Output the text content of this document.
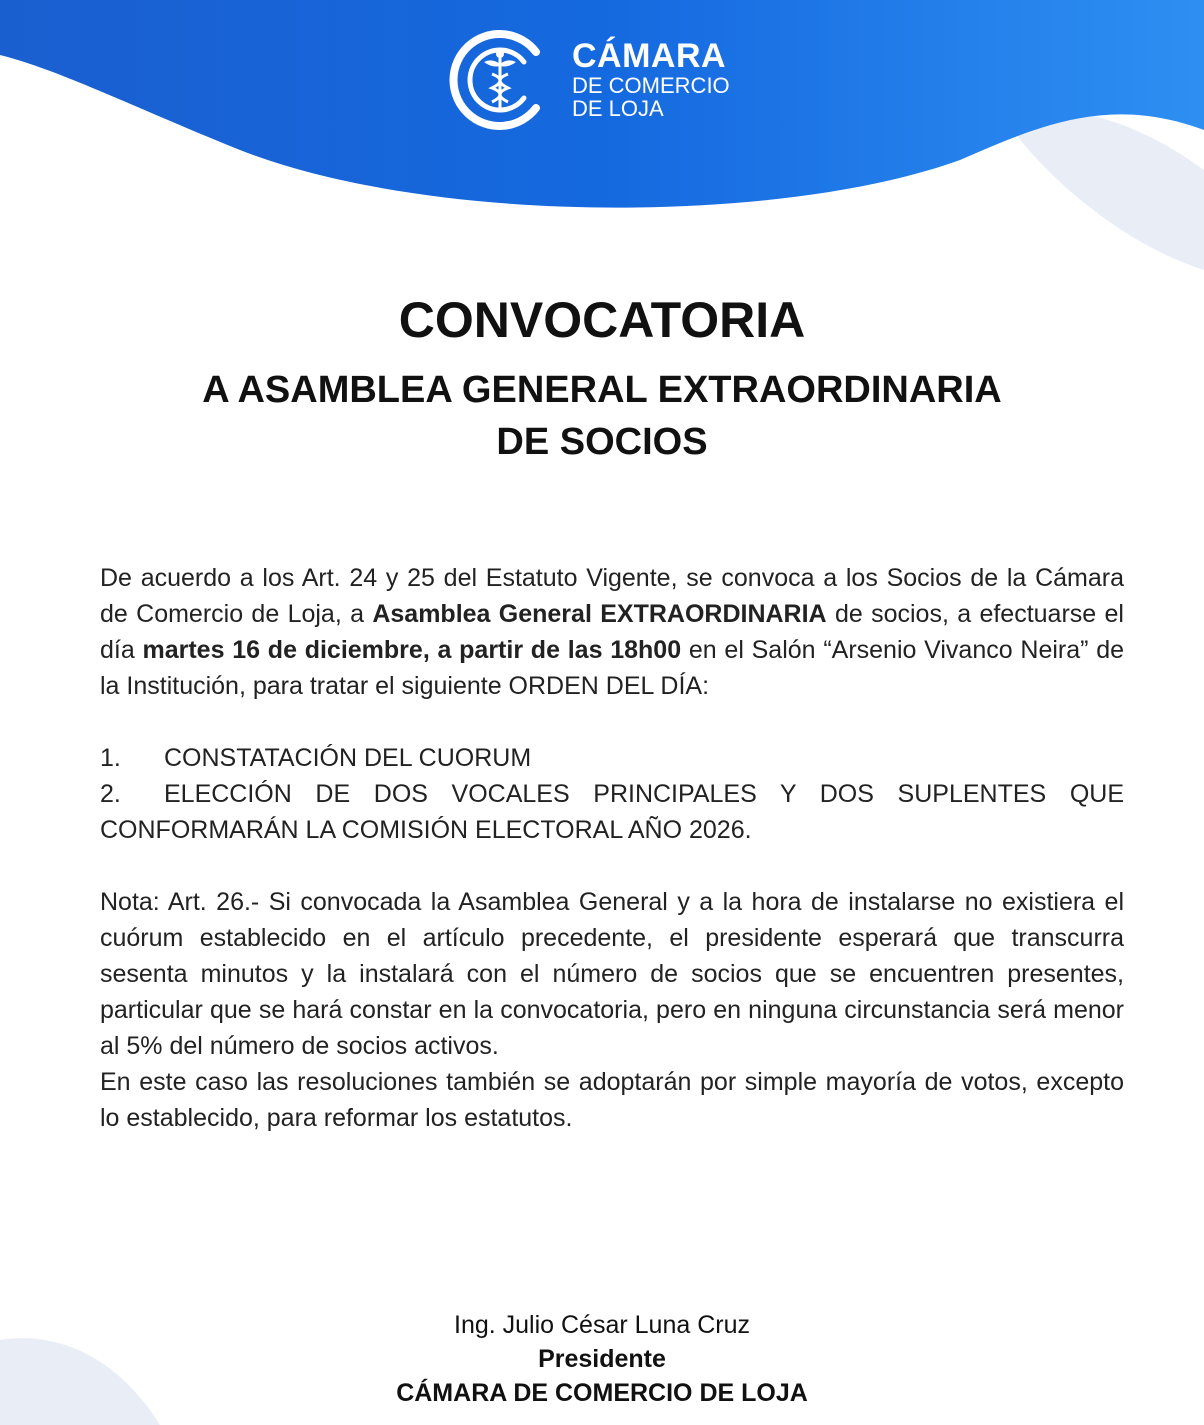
CÁMARA
DE COMERCIO
DE LOJA
CONVOCATORIA
A ASAMBLEA GENERAL EXTRAORDINARIA
DE SOCIOS

De acuerdo a los Art. 24 y 25 del Estatuto Vigente, se convoca a los Socios de la Cámara de Comercio de Loja, a Asamblea General EXTRAORDINARIA de socios, a efectuarse el día martes 16 de diciembre, a partir de las 18h00 en el Salón “Arsenio Vivanco Neira” de la Institución, para tratar el siguiente ORDEN DEL DÍA:

1. CONSTATACIÓN DEL CUORUM
2. ELECCIÓN DE DOS VOCALES PRINCIPALES Y DOS SUPLENTES QUE CONFORMARÁN LA COMISIÓN ELECTORAL AÑO 2026.

Nota: Art. 26.- Si convocada la Asamblea General y a la hora de instalarse no existiera el cuórum establecido en el artículo precedente, el presidente esperará que transcurra sesenta minutos y la instalará con el número de socios que se encuentren presentes, particular que se hará constar en la convocatoria, pero en ninguna circunstancia será menor al 5% del número de socios activos.

En este caso las resoluciones también se adoptarán por simple mayoría de votos, excepto lo establecido, para reformar los estatutos.

Ing. Julio César Luna Cruz
Presidente
CÁMARA DE COMERCIO DE LOJA
